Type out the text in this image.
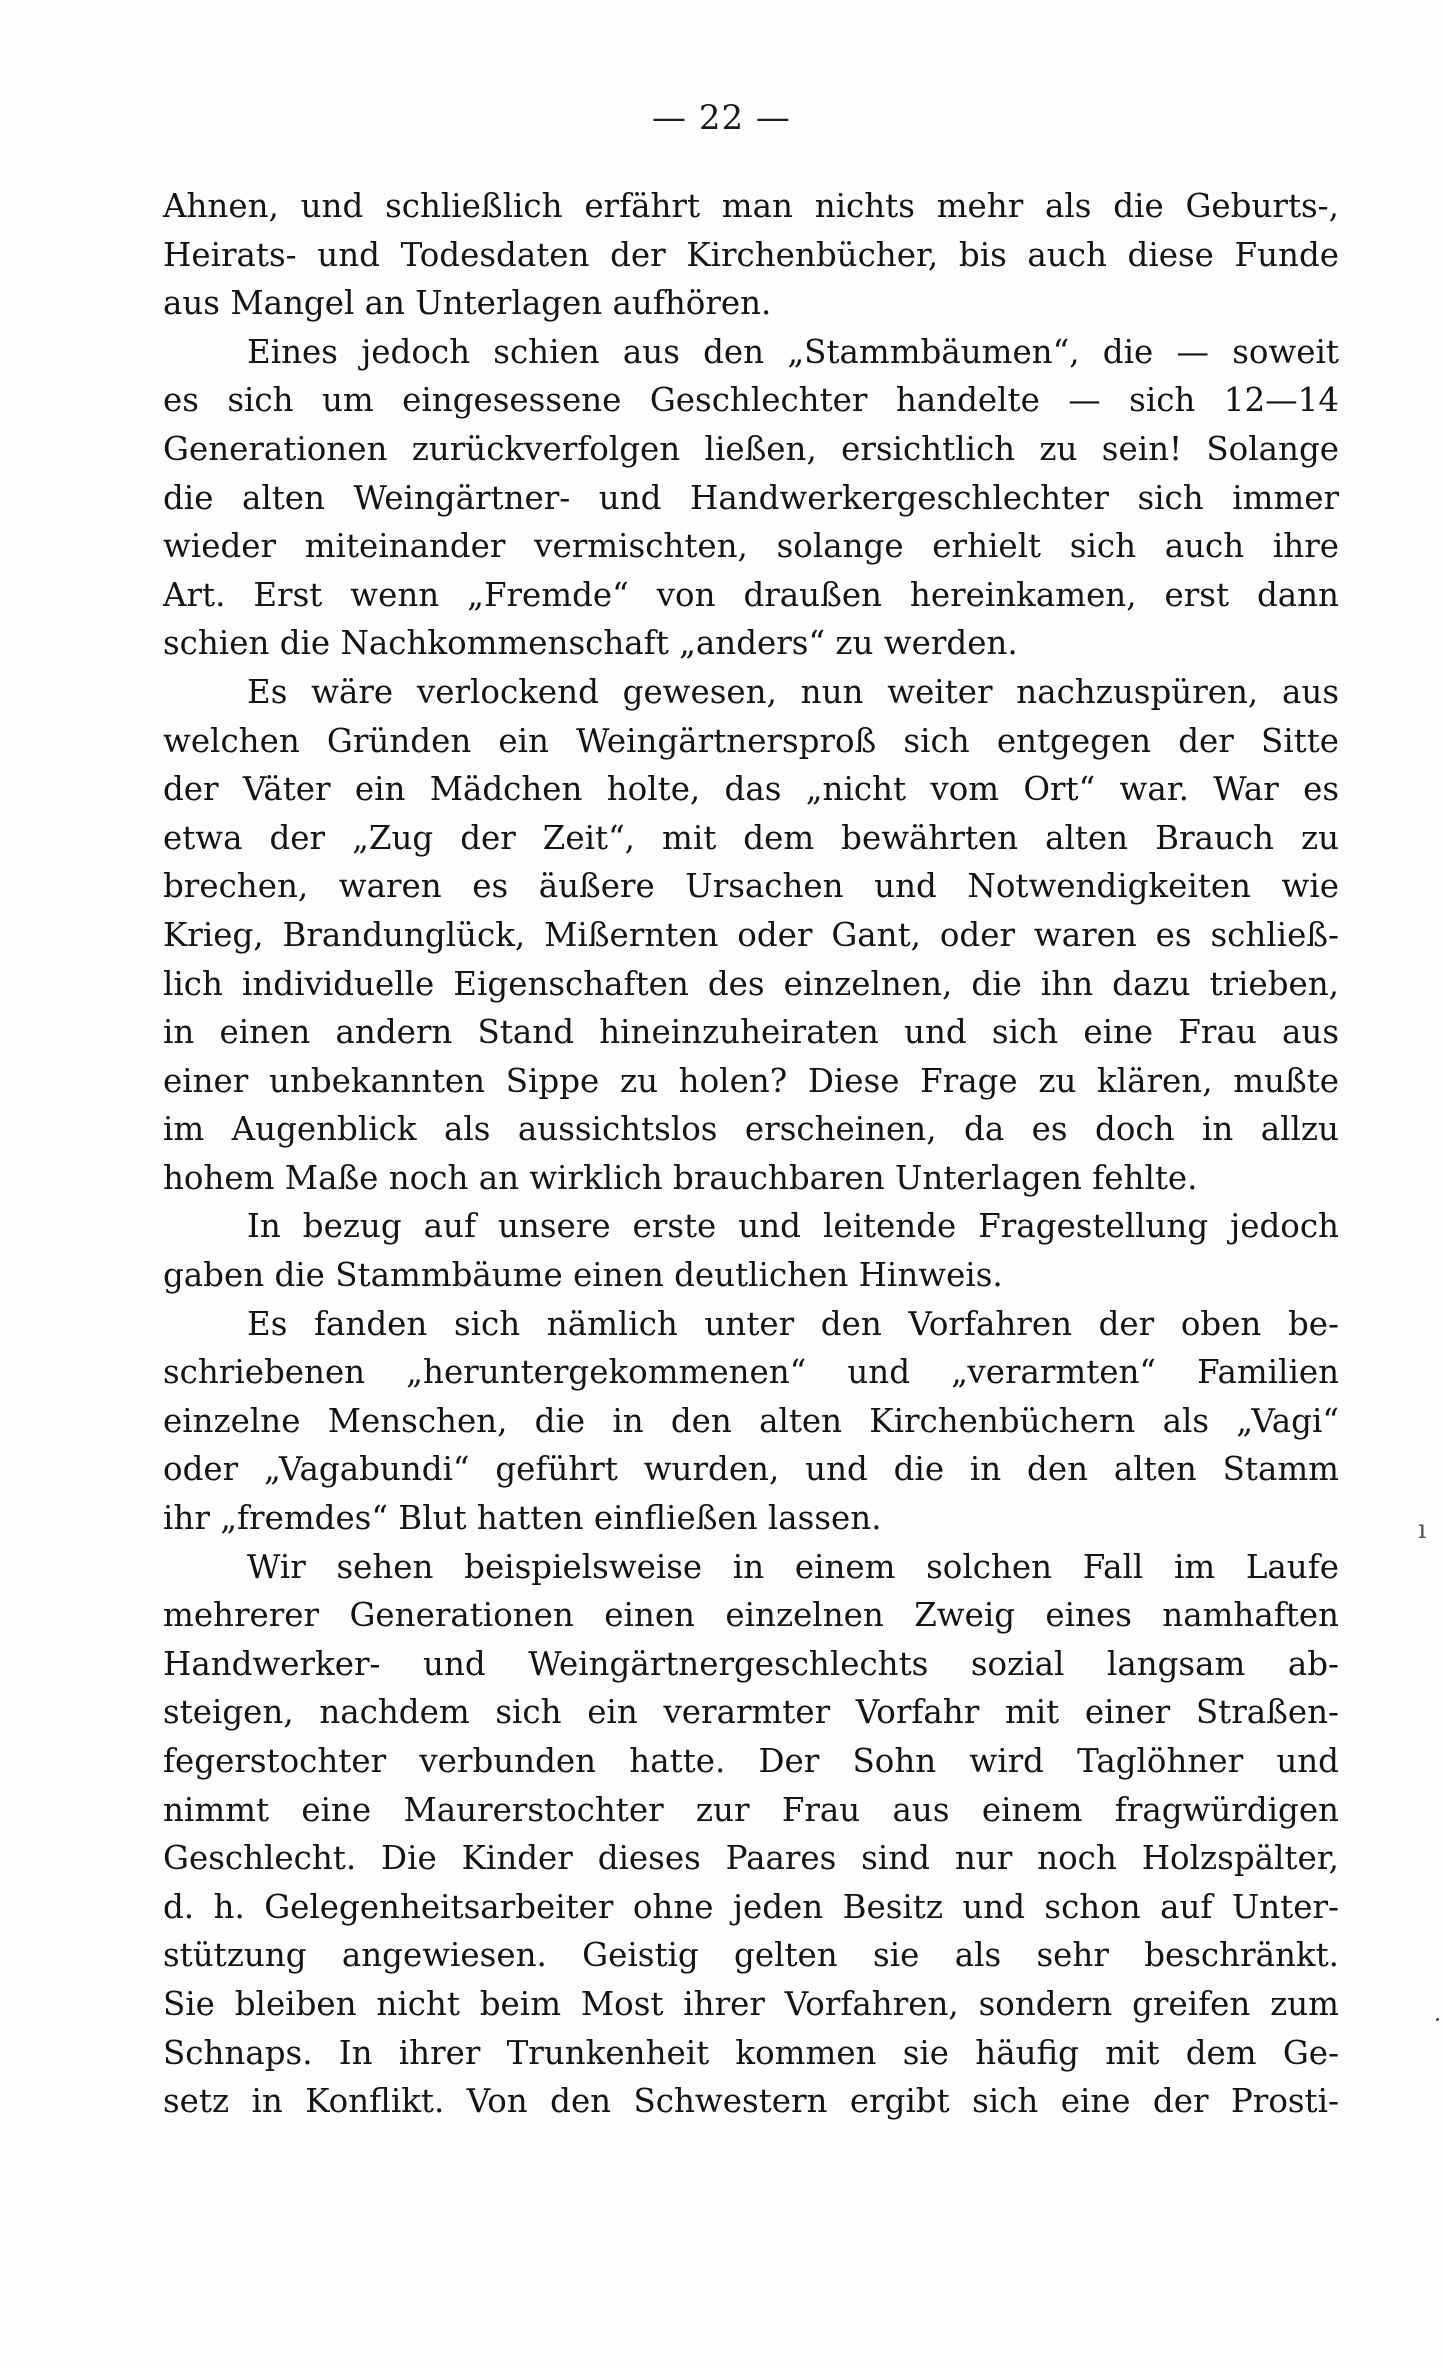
— 22 —
Ahnen, und schließlich erfährt man nichts mehr als die Geburts-,
Heirats- und Todesdaten der Kirchenbücher, bis auch diese Funde
aus Mangel an Unterlagen aufhören.
Eines jedoch schien aus den „Stammbäumen“, die — soweit
es sich um eingesessene Geschlechter handelte — sich 12—14
Generationen zurückverfolgen ließen, ersichtlich zu sein! Solange
die alten Weingärtner- und Handwerkergeschlechter sich immer
wieder miteinander vermischten, solange erhielt sich auch ihre
Art. Erst wenn „Fremde“ von draußen hereinkamen, erst dann
schien die Nachkommenschaft „anders“ zu werden.
Es wäre verlockend gewesen, nun weiter nachzuspüren, aus
welchen Gründen ein Weingärtnersproß sich entgegen der Sitte
der Väter ein Mädchen holte, das „nicht vom Ort“ war. War es
etwa der „Zug der Zeit“, mit dem bewährten alten Brauch zu
brechen, waren es äußere Ursachen und Notwendigkeiten wie
Krieg, Brandunglück, Mißernten oder Gant, oder waren es schließ-
lich individuelle Eigenschaften des einzelnen, die ihn dazu trieben,
in einen andern Stand hineinzuheiraten und sich eine Frau aus
einer unbekannten Sippe zu holen? Diese Frage zu klären, mußte
im Augenblick als aussichtslos erscheinen, da es doch in allzu
hohem Maße noch an wirklich brauchbaren Unterlagen fehlte.
In bezug auf unsere erste und leitende Fragestellung jedoch
gaben die Stammbäume einen deutlichen Hinweis.
Es fanden sich nämlich unter den Vorfahren der oben be-
schriebenen „heruntergekommenen“ und „verarmten“ Familien
einzelne Menschen, die in den alten Kirchenbüchern als „Vagi“
oder „Vagabundi“ geführt wurden, und die in den alten Stamm
ihr „fremdes“ Blut hatten einfließen lassen.
Wir sehen beispielsweise in einem solchen Fall im Laufe
mehrerer Generationen einen einzelnen Zweig eines namhaften
Handwerker- und Weingärtnergeschlechts sozial langsam ab-
steigen, nachdem sich ein verarmter Vorfahr mit einer Straßen-
fegerstochter verbunden hatte. Der Sohn wird Taglöhner und
nimmt eine Maurerstochter zur Frau aus einem fragwürdigen
Geschlecht. Die Kinder dieses Paares sind nur noch Holzspälter,
d. h. Gelegenheitsarbeiter ohne jeden Besitz und schon auf Unter-
stützung angewiesen. Geistig gelten sie als sehr beschränkt.
Sie bleiben nicht beim Most ihrer Vorfahren, sondern greifen zum
Schnaps. In ihrer Trunkenheit kommen sie häufig mit dem Ge-
setz in Konflikt. Von den Schwestern ergibt sich eine der Prosti-
ı
